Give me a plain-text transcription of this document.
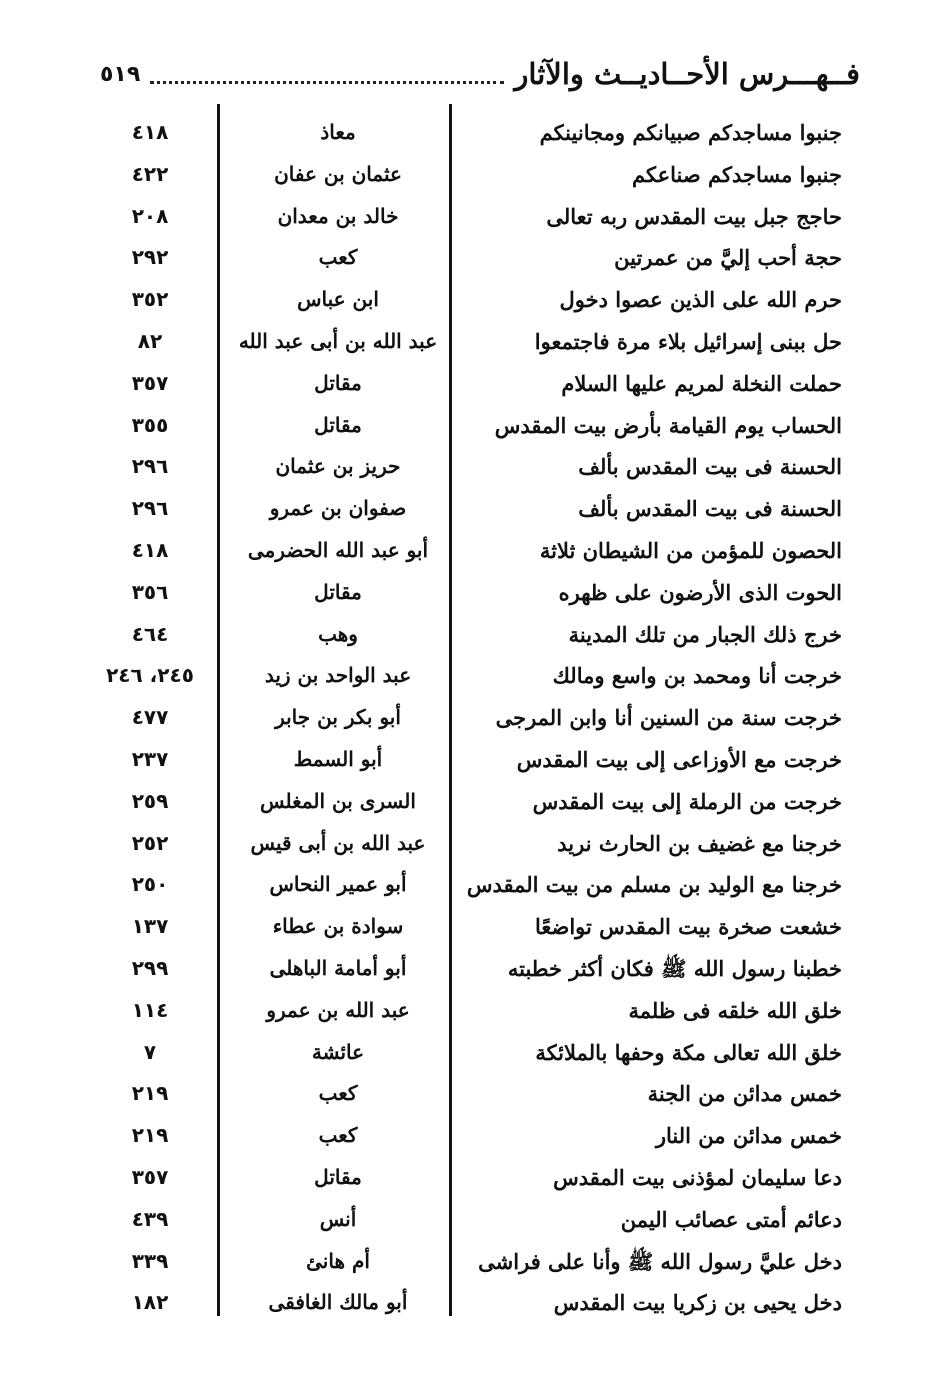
فــهـــرس الأحــاديــث والآثار
٥١٩
جنبوا مساجدكم صبيانكم ومجانينكم
معاذ
٤١٨
جنبوا مساجدكم صناعكم
عثمان بن عفان
٤٢٢
حاجج جبل بيت المقدس ربه تعالى
خالد بن معدان
٢٠٨
حجة أحب إليَّ من عمرتين
كعب
٢٩٢
حرم الله على الذين عصوا دخول
ابن عباس
٣٥٢
حل ببنى إسرائيل بلاء مرة فاجتمعوا
عبد الله بن أبى عبد الله
٨٢
حملت النخلة لمريم عليها السلام
مقاتل
٣٥٧
الحساب يوم القيامة بأرض بيت المقدس
مقاتل
٣٥٥
الحسنة فى بيت المقدس بألف
حريز بن عثمان
٢٩٦
الحسنة فى بيت المقدس بألف
صفوان بن عمرو
٢٩٦
الحصون للمؤمن من الشيطان ثلاثة
أبو عبد الله الحضرمى
٤١٨
الحوت الذى الأرضون على ظهره
مقاتل
٣٥٦
خرج ذلك الجبار من تلك المدينة
وهب
٤٦٤
خرجت أنا ومحمد بن واسع ومالك
عبد الواحد بن زيد
٢٤٥، ٢٤٦
خرجت سنة من السنين أنا وابن المرجى
أبو بكر بن جابر
٤٧٧
خرجت مع الأوزاعى إلى بيت المقدس
أبو السمط
٢٣٧
خرجت من الرملة إلى بيت المقدس
السرى بن المغلس
٢٥٩
خرجنا مع غضيف بن الحارث نريد
عبد الله بن أبى قيس
٢٥٢
خرجنا مع الوليد بن مسلم من بيت المقدس
أبو عمير النحاس
٢٥٠
خشعت صخرة بيت المقدس تواضعًا
سوادة بن عطاء
١٣٧
خطبنا رسول الله ﷺ فكان أكثر خطبته
أبو أمامة الباهلى
٢٩٩
خلق الله خلقه فى ظلمة
عبد الله بن عمرو
١١٤
خلق الله تعالى مكة وحفها بالملائكة
عائشة
٧
خمس مدائن من الجنة
كعب
٢١٩
خمس مدائن من النار
كعب
٢١٩
دعا سليمان لمؤذنى بيت المقدس
مقاتل
٣٥٧
دعائم أمتى عصائب اليمن
أنس
٤٣٩
دخل عليَّ رسول الله ﷺ وأنا على فراشى
أم هانئ
٣٣٩
دخل يحيى بن زكريا بيت المقدس
أبو مالك الغافقى
١٨٢
